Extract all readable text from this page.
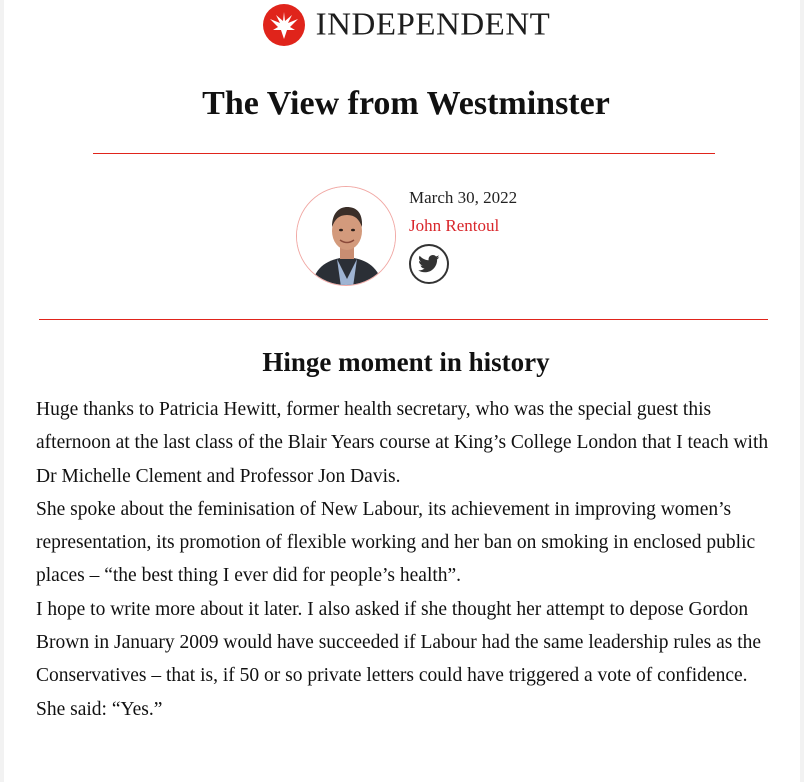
INDEPENDENT
The View from Westminster
March 30, 2022
John Rentoul
Hinge moment in history

Huge thanks to Patricia Hewitt, former health secretary, who was the special guest this afternoon at the last class of the Blair Years course at King’s College London that I teach with Dr Michelle Clement and Professor Jon Davis.

She spoke about the feminisation of New Labour, its achievement in improving women’s representation, its promotion of flexible working and her ban on smoking in enclosed public places – “the best thing I ever did for people’s health”.

I hope to write more about it later. I also asked if she thought her attempt to depose Gordon Brown in January 2009 would have succeeded if Labour had the same leadership rules as the Conservatives – that is, if 50 or so private letters could have triggered a vote of confidence. She said: “Yes.”
